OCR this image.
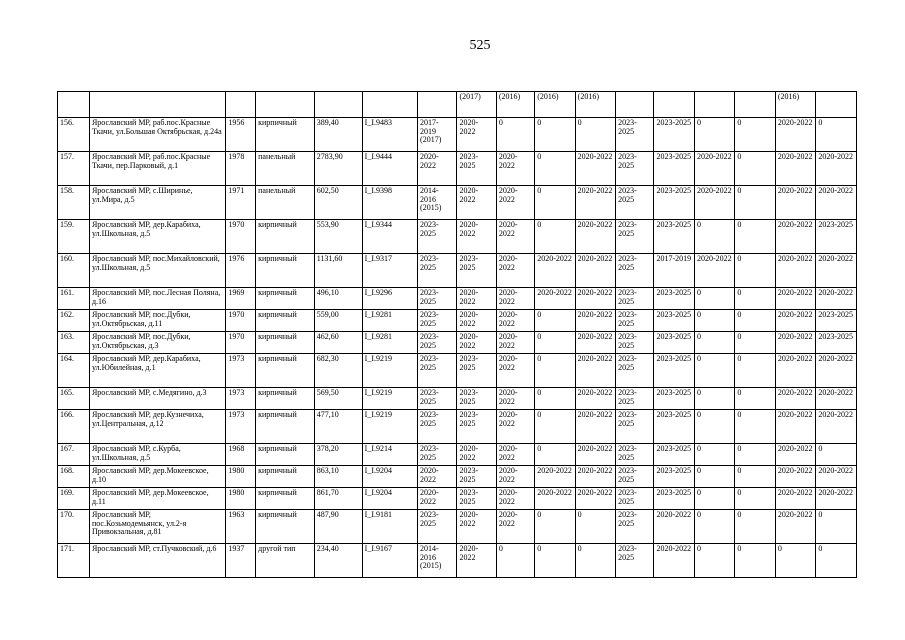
525
							(2017)	(2016)	(2016)	(2016)					(2016)	
156.	Ярославский МР, раб.пос.Красные Ткачи, ул.Большая Октябрьская, д.24а	1956	кирпичный	389,40	I_I.9483	2017-2019 (2017)	2020-2022	0	0	0	2023-2025	2023-2025	0	0	2020-2022	0
157.	Ярославский МР, раб.пос.Красные Ткачи, пер.Парковый, д.1	1978	панельный	2783,90	I_I.9444	2020-2022	2023-2025	2020-2022	0	2020-2022	2023-2025	2023-2025	2020-2022	0	2020-2022	2020-2022
158.	Ярославский МР, с.Ширинье, ул.Мира, д.5	1971	панельный	602,50	I_I.9398	2014-2016 (2015)	2020-2022	2020-2022	0	2020-2022	2023-2025	2023-2025	2020-2022	0	2020-2022	2020-2022
159.	Ярославский МР, дер.Карабиха, ул.Школьная, д.5	1970	кирпичный	553,90	I_I.9344	2023-2025	2020-2022	2020-2022	0	2020-2022	2023-2025	2023-2025	0	0	2020-2022	2023-2025
160.	Ярославский МР, пос.Михайловский, ул.Школьная, д.5	1976	кирпичный	1131,60	I_I.9317	2023-2025	2023-2025	2020-2022	2020-2022	2020-2022	2023-2025	2017-2019	2020-2022	0	2020-2022	2020-2022
161.	Ярославский МР, пос.Лесная Поляна, д.16	1969	кирпичный	496,10	I_I.9296	2023-2025	2020-2022	2020-2022	2020-2022	2020-2022	2023-2025	2023-2025	0	0	2020-2022	2020-2022
162.	Ярославский МР, пос.Дубки, ул.Октябрьская, д.11	1970	кирпичный	559,00	I_I.9281	2023-2025	2020-2022	2020-2022	0	2020-2022	2023-2025	2023-2025	0	0	2020-2022	2023-2025
163.	Ярославский МР, пос.Дубки, ул.Октябрьская, д.3	1970	кирпичный	462,60	I_I.9281	2023-2025	2020-2022	2020-2022	0	2020-2022	2023-2025	2023-2025	0	0	2020-2022	2023-2025
164.	Ярославский МР, дер.Карабиха, ул.Юбилейная, д.1	1973	кирпичный	682,30	I_I.9219	2023-2025	2023-2025	2020-2022	0	2020-2022	2023-2025	2023-2025	0	0	2020-2022	2020-2022
165.	Ярославский МР, с.Медягино, д.3	1973	кирпичный	569,50	I_I.9219	2023-2025	2023-2025	2020-2022	0	2020-2022	2023-2025	2023-2025	0	0	2020-2022	2020-2022
166.	Ярославский МР, дер.Кузнечиха, ул.Центральная, д.12	1973	кирпичный	477,10	I_I.9219	2023-2025	2023-2025	2020-2022	0	2020-2022	2023-2025	2023-2025	0	0	2020-2022	2020-2022
167.	Ярославский МР, с.Курба, ул.Школьная, д.5	1968	кирпичный	378,20	I_I.9214	2023-2025	2020-2022	2020-2022	0	2020-2022	2023-2025	2023-2025	0	0	2020-2022	0
168.	Ярославский МР, дер.Мокеевское, д.10	1980	кирпичный	863,10	I_I.9204	2020-2022	2023-2025	2020-2022	2020-2022	2020-2022	2023-2025	2023-2025	0	0	2020-2022	2020-2022
169.	Ярославский МР, дер.Мокеевское, д.11	1980	кирпичный	861,70	I_I.9204	2020-2022	2023-2025	2020-2022	2020-2022	2020-2022	2023-2025	2023-2025	0	0	2020-2022	2020-2022
170.	Ярославский МР, пос.Козьмодемьянск, ул.2-я Привокзальная, д.81	1963	кирпичный	487,90	I_I.9181	2023-2025	2020-2022	2020-2022	0	0	2023-2025	2020-2022	0	0	2020-2022	0
171.	Ярославский МР, ст.Пучковский, д.6	1937	другой тип	234,40	I_I.9167	2014-2016 (2015)	2020-2022	0	0	0	2023-2025	2020-2022	0	0	0	0
